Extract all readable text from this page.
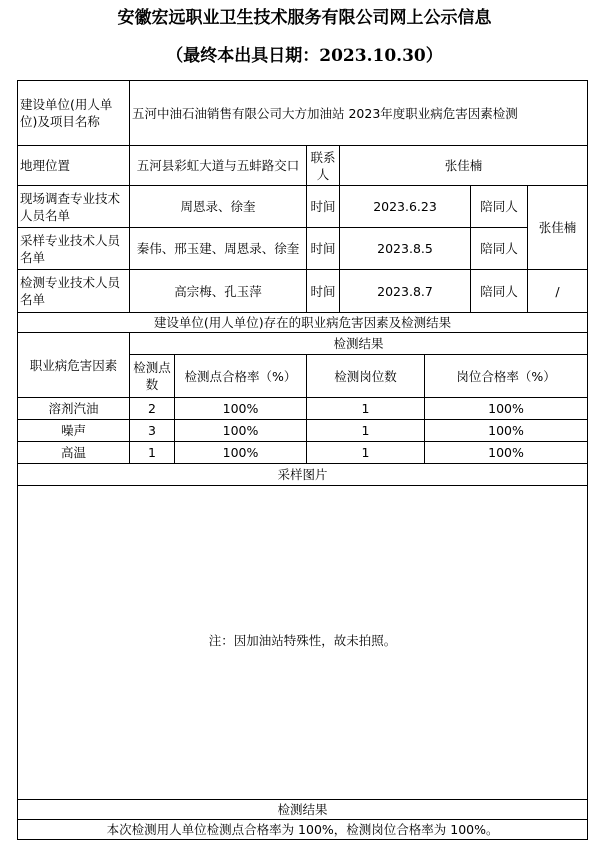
安徽宏远职业卫生技术服务有限公司网上公示信息
（最终本出具日期：2023.10.30）
建设单位(用人单位)及项目名称	五河中油石油销售有限公司大方加油站 2023年度职业病危害因素检测						
地理位置	五河县彩虹大道与五蚌路交口		联系人	张佳楠			
现场调查专业技术人员名单	周恩录、徐奎		时间	2023.6.23		陪同人	张佳楠
采样专业技术人员名单	秦伟、邢玉建、周恩录、徐奎		时间	2023.8.5		陪同人	
检测专业技术人员名单	高宗梅、孔玉萍		时间	2023.8.7		陪同人	/
建设单位(用人单位)存在的职业病危害因素及检测结果							
职业病危害因素	检测结果						
	检测点数	检测点合格率（%）	检测岗位数		岗位合格率（%）		
溶剂汽油	2	100%	1		100%		
噪声	3	100%	1		100%		
高温	1	100%	1		100%		
采样图片							
注：因加油站特殊性，故未拍照。							
检测结果							
本次检测用人单位检测点合格率为 100%，检测岗位合格率为 100%。							
